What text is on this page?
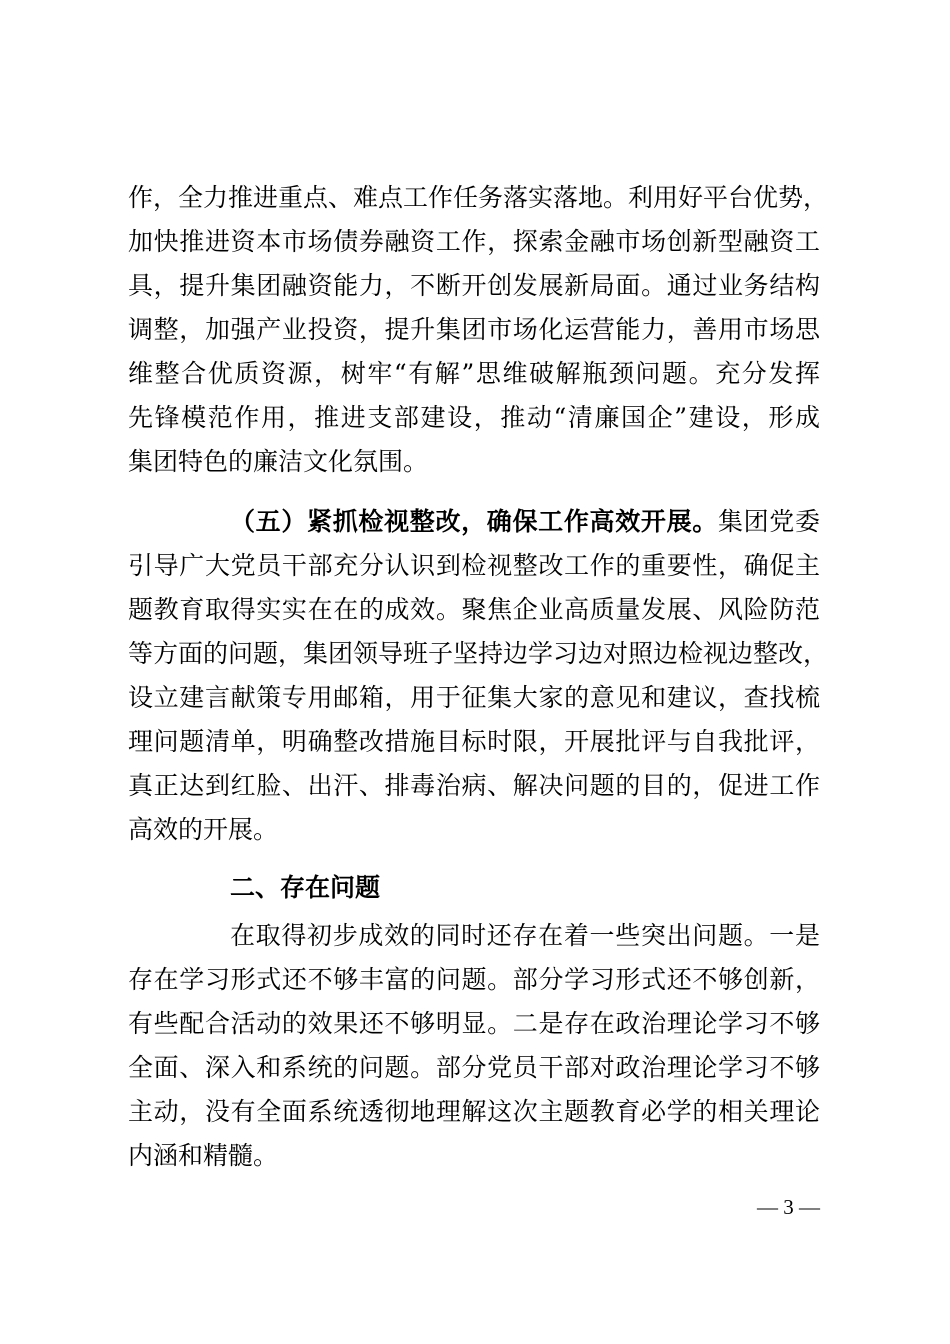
作，全力推进重点、难点工作任务落实落地。利用好平台优势，
加快推进资本市场债券融资工作，探索金融市场创新型融资工
具，提升集团融资能力，不断开创发展新局面。通过业务结构
调整，加强产业投资，提升集团市场化运营能力，善用市场思
维整合优质资源，树牢“有解”思维破解瓶颈问题。充分发挥
先锋模范作用，推进支部建设，推动“清廉国企”建设，形成
集团特色的廉洁文化氛围。
（五）紧抓检视整改，确保工作高效开展。集团党委
引导广大党员干部充分认识到检视整改工作的重要性，确促主
题教育取得实实在在的成效。聚焦企业高质量发展、风险防范
等方面的问题，集团领导班子坚持边学习边对照边检视边整改，
设立建言献策专用邮箱，用于征集大家的意见和建议，查找梳
理问题清单，明确整改措施目标时限，开展批评与自我批评，
真正达到红脸、出汗、排毒治病、解决问题的目的，促进工作
高效的开展。
二、存在问题
在取得初步成效的同时还存在着一些突出问题。一是
存在学习形式还不够丰富的问题。部分学习形式还不够创新，
有些配合活动的效果还不够明显。二是存在政治理论学习不够
全面、深入和系统的问题。部分党员干部对政治理论学习不够
主动，没有全面系统透彻地理解这次主题教育必学的相关理论
内涵和精髓。
— 3 —
